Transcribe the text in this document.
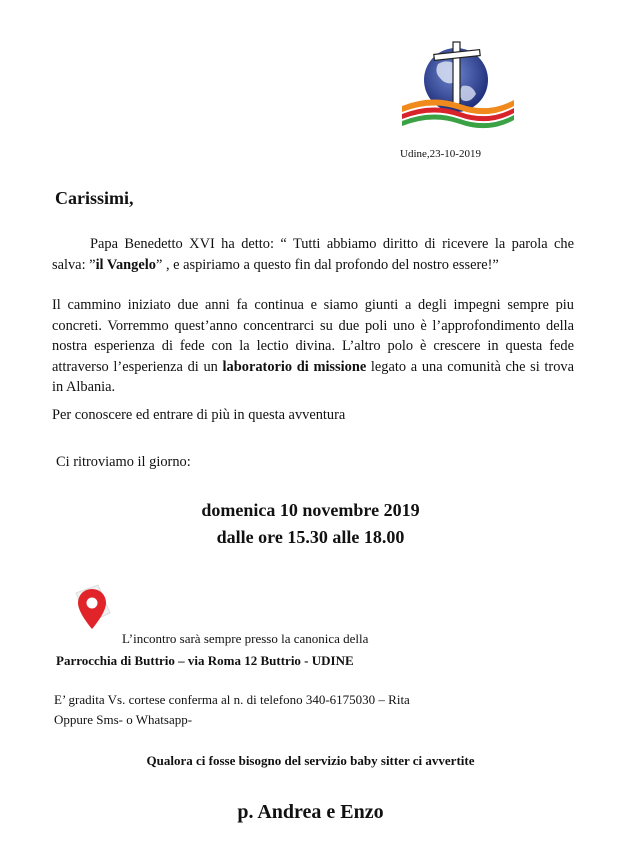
Udine,23-10-2019
Carissimi,
Papa Benedetto XVI ha detto: “ Tutti abbiamo diritto di ricevere la parola che salva: ”il Vangelo” , e aspiriamo a questo fin dal profondo del nostro essere!”
Il cammino iniziato due anni fa continua e siamo giunti a degli impegni sempre piu concreti. Vorremmo quest’anno concentrarci su due poli uno è l’approfondimento della nostra esperienza di fede con la lectio divina. L’altro polo è crescere in questa fede attraverso l’esperienza di un laboratorio di missione legato a una comunità che si trova in Albania.
Per conoscere ed entrare di più in questa avventura
Ci ritroviamo il giorno:
domenica 10 novembre 2019
dalle ore 15.30 alle 18.00
L’incontro sarà sempre presso la canonica della
Parrocchia di Buttrio – via Roma 12 Buttrio - UDINE
E’ gradita Vs. cortese conferma al n. di telefono 340-6175030 – Rita
Oppure Sms- o Whatsapp-
Qualora ci fosse bisogno del servizio baby sitter ci avvertite
p. Andrea e Enzo
